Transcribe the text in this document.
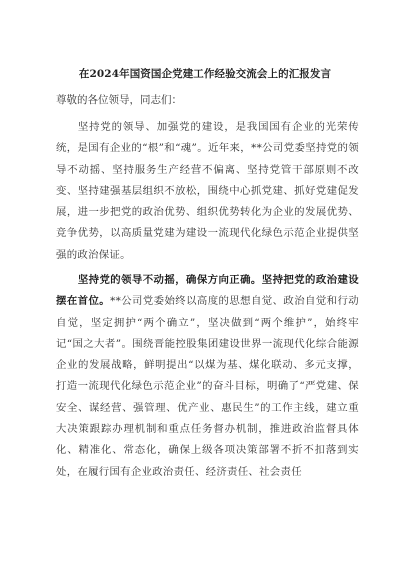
在2024年国资国企党建工作经验交流会上的汇报发言
尊敬的各位领导，同志们：

坚持党的领导、加强党的建设，是我国国有企业的光荣传统，是国有企业的“根”和“魂”。近年来，**公司党委坚持党的领导不动摇、坚持服务生产经营不偏离、坚持党管干部原则不改变、坚持建强基层组织不放松，围绕中心抓党建、抓好党建促发展，进一步把党的政治优势、组织优势转化为企业的发展优势、竞争优势，以高质量党建为建设一流现代化绿色示范企业提供坚强的政治保证。

坚持党的领导不动摇，确保方向正确。坚持把党的政治建设摆在首位。**公司党委始终以高度的思想自觉、政治自觉和行动自觉，坚定拥护“两个确立”，坚决做到“两个维护”，始终牢记“国之大者”。围绕晋能控股集团建设世界一流现代化综合能源企业的发展战略，鲜明提出“以煤为基、煤化联动、多元支撑，打造一流现代化绿色示范企业”的奋斗目标，明确了“严党建、保安全、谋经营、强管理、优产业、惠民生”的工作主线，建立重大决策跟踪办理机制和重点任务督办机制，推进政治监督具体化、精准化、常态化，确保上级各项决策部署不折不扣落到实处，在履行国有企业政治责任、经济责任、社会责任
